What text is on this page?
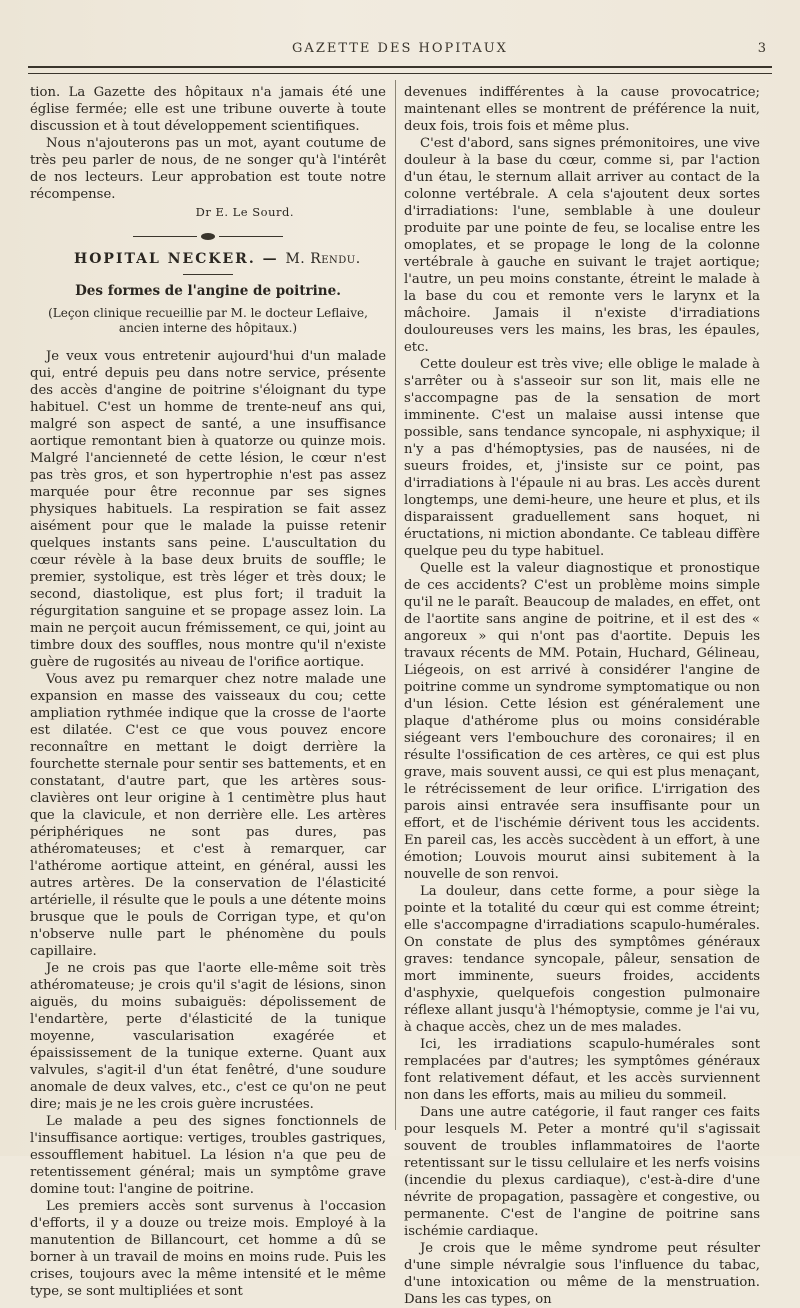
GAZETTE DES HOPITAUX	3

tion. La Gazette des hôpitaux n'a jamais été une église fermée; elle est une tribune ouverte à toute discussion et à tout développement scientifiques.

Nous n'ajouterons pas un mot, ayant coutume de très peu parler de nous, de ne songer qu'à l'intérêt de nos lecteurs. Leur approbation est toute notre récompense.

Dr E. Le Sourd.
HOPITAL NECKER. — M. Rendu.
Des formes de l'angine de poitrine.
(Leçon clinique recueillie par M. le docteur Leflaive, ancien interne des hôpitaux.)

Je veux vous entretenir aujourd'hui d'un malade qui, entré depuis peu dans notre service, présente des accès d'angine de poitrine s'éloignant du type habituel. C'est un homme de trente-neuf ans qui, malgré son aspect de santé, a une insuffisance aortique remontant bien à quatorze ou quinze mois. Malgré l'ancienneté de cette lésion, le cœur n'est pas très gros, et son hypertrophie n'est pas assez marquée pour être reconnue par ses signes physiques habituels. La respiration se fait assez aisément pour que le malade la puisse retenir quelques instants sans peine. L'auscultation du cœur révèle à la base deux bruits de souffle; le premier, systolique, est très léger et très doux; le second, diastolique, est plus fort; il traduit la régurgitation sanguine et se propage assez loin. La main ne perçoit aucun frémissement, ce qui, joint au timbre doux des souffles, nous montre qu'il n'existe guère de rugosités au niveau de l'orifice aortique.

Vous avez pu remarquer chez notre malade une expansion en masse des vaisseaux du cou; cette ampliation rythmée indique que la crosse de l'aorte est dilatée. C'est ce que vous pouvez encore reconnaître en mettant le doigt derrière la fourchette sternale pour sentir ses battements, et en constatant, d'autre part, que les artères sous-clavières ont leur origine à 1 centimètre plus haut que la clavicule, et non derrière elle. Les artères périphériques ne sont pas dures, pas athéromateuses; et c'est à remarquer, car l'athérome aortique atteint, en général, aussi les autres artères. De la conservation de l'élasticité artérielle, il résulte que le pouls a une détente moins brusque que le pouls de Corrigan type, et qu'on n'observe nulle part le phénomène du pouls capillaire.

Je ne crois pas que l'aorte elle-même soit très athéromateuse; je crois qu'il s'agit de lésions, sinon aiguës, du moins subaiguës: dépolissement de l'endartère, perte d'élasticité de la tunique moyenne, vascularisation exagérée et épaississement de la tunique externe. Quant aux valvules, s'agit-il d'un état fenêtré, d'une soudure anomale de deux valves, etc., c'est ce qu'on ne peut dire; mais je ne les crois guère incrustées.

Le malade a peu des signes fonctionnels de l'insuffisance aortique: vertiges, troubles gastriques, essoufflement habituel. La lésion n'a que peu de retentissement général; mais un symptôme grave domine tout: l'angine de poitrine.

Les premiers accès sont survenus à l'occasion d'efforts, il y a douze ou treize mois. Employé à la manutention de Billancourt, cet homme a dû se borner à un travail de moins en moins rude. Puis les crises, toujours avec la même intensité et le même type, se sont multipliées et sont

devenues indifférentes à la cause provocatrice; maintenant elles se montrent de préférence la nuit, deux fois, trois fois et même plus.

C'est d'abord, sans signes prémonitoires, une vive douleur à la base du cœur, comme si, par l'action d'un étau, le sternum allait arriver au contact de la colonne vertébrale. A cela s'ajoutent deux sortes d'irradiations: l'une, semblable à une douleur produite par une pointe de feu, se localise entre les omoplates, et se propage le long de la colonne vertébrale à gauche en suivant le trajet aortique; l'autre, un peu moins constante, étreint le malade à la base du cou et remonte vers le larynx et la mâchoire. Jamais il n'existe d'irradiations douloureuses vers les mains, les bras, les épaules, etc.

Cette douleur est très vive; elle oblige le malade à s'arrêter ou à s'asseoir sur son lit, mais elle ne s'accompagne pas de la sensation de mort imminente. C'est un malaise aussi intense que possible, sans tendance syncopale, ni asphyxique; il n'y a pas d'hémoptysies, pas de nausées, ni de sueurs froides, et, j'insiste sur ce point, pas d'irradiations à l'épaule ni au bras. Les accès durent longtemps, une demi-heure, une heure et plus, et ils disparaissent graduellement sans hoquet, ni éructations, ni miction abondante. Ce tableau diffère quelque peu du type habituel.

Quelle est la valeur diagnostique et pronostique de ces accidents? C'est un problème moins simple qu'il ne le paraît. Beaucoup de malades, en effet, ont de l'aortite sans angine de poitrine, et il est des « angoreux » qui n'ont pas d'aortite. Depuis les travaux récents de MM. Potain, Huchard, Gélineau, Liégeois, on est arrivé à considérer l'angine de poitrine comme un syndrome symptomatique ou non d'un lésion. Cette lésion est généralement une plaque d'athérome plus ou moins considérable siégeant vers l'embouchure des coronaires; il en résulte l'ossification de ces artères, ce qui est plus grave, mais souvent aussi, ce qui est plus menaçant, le rétrécissement de leur orifice. L'irrigation des parois ainsi entravée sera insuffisante pour un effort, et de l'ischémie dérivent tous les accidents. En pareil cas, les accès succèdent à un effort, à une émotion; Louvois mourut ainsi subitement à la nouvelle de son renvoi.

La douleur, dans cette forme, a pour siège la pointe et la totalité du cœur qui est comme étreint; elle s'accompagne d'irradiations scapulo-humérales. On constate de plus des symptômes généraux graves: tendance syncopale, pâleur, sensation de mort imminente, sueurs froides, accidents d'asphyxie, quelquefois congestion pulmonaire réflexe allant jusqu'à l'hémoptysie, comme je l'ai vu, à chaque accès, chez un de mes malades.

Ici, les irradiations scapulo-humérales sont remplacées par d'autres; les symptômes généraux font relativement défaut, et les accès surviennent non dans les efforts, mais au milieu du sommeil.

Dans une autre catégorie, il faut ranger ces faits pour lesquels M. Peter a montré qu'il s'agissait souvent de troubles inflammatoires de l'aorte retentissant sur le tissu cellulaire et les nerfs voisins (incendie du plexus cardiaque), c'est-à-dire d'une névrite de propagation, passagère et congestive, ou permanente. C'est de l'angine de poitrine sans ischémie cardiaque.

Je crois que le même syndrome peut résulter d'une simple névralgie sous l'influence du tabac, d'une intoxication ou même de la menstruation. Dans les cas types, on
